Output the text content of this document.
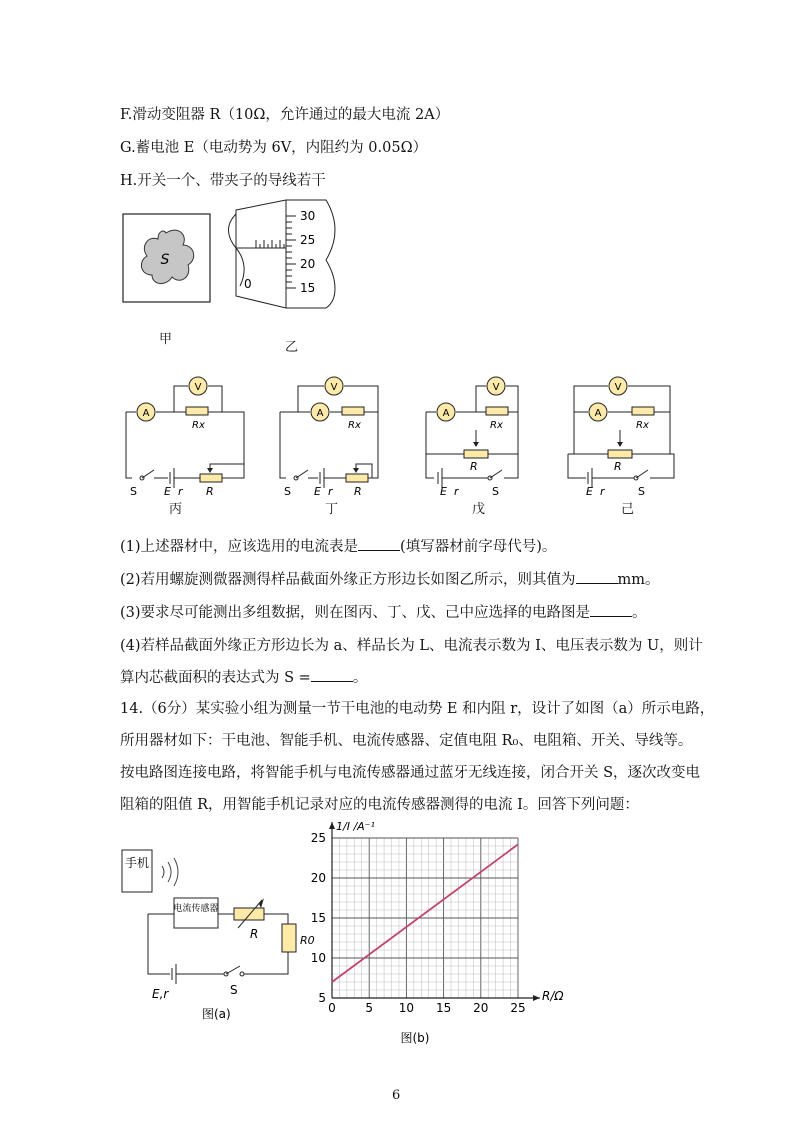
F.滑动变阻器 R（10Ω，允许通过的最大电流 2A）
G.蓄电池 E（电动势为 6V，内阻约为 0.05Ω）
H.开关一个、带夹子的导线若干
S
甲
0
30
25
20
15
乙
A
V
Rx
S E r R
丙
A
V
Rx
S E r R
丁
A
V
Rx
R
E r	S
戊
A
V
Rx
R
E r	S
己
(1)上述器材中，应该选用的电流表是	(填写器材前字母代号)。
(2)若用螺旋测微器测得样品截面外缘正方形边长如图乙所示，则其值为	mm。
(3)要求尽可能测出多组数据，则在图丙、丁、戊、己中应选择的电路图是	。
(4)若样品截面外缘正方形边长为 a、样品长为 L、电流表示数为 I、电压表示数为 U，则计
算内芯截面积的表达式为 S =	。
14.（6分）某实验小组为测量一节干电池的电动势 E 和内阻 r，设计了如图（a）所示电路，
所用器材如下：干电池、智能手机、电流传感器、定值电阻 R₀、电阻箱、开关、导线等。
按电路图连接电路，将智能手机与电流传感器通过蓝牙无线连接，闭合开关 S，逐次改变电
阻箱的阻值 R，用智能手机记录对应的电流传感器测得的电流 I。回答下列问题：
手机
电流传感器
R	R0
E,r	S
图(a)	0 5 10 15 20 25
5
10
15
20
25
R/Ω
1/I /A⁻¹
图(b)
6
